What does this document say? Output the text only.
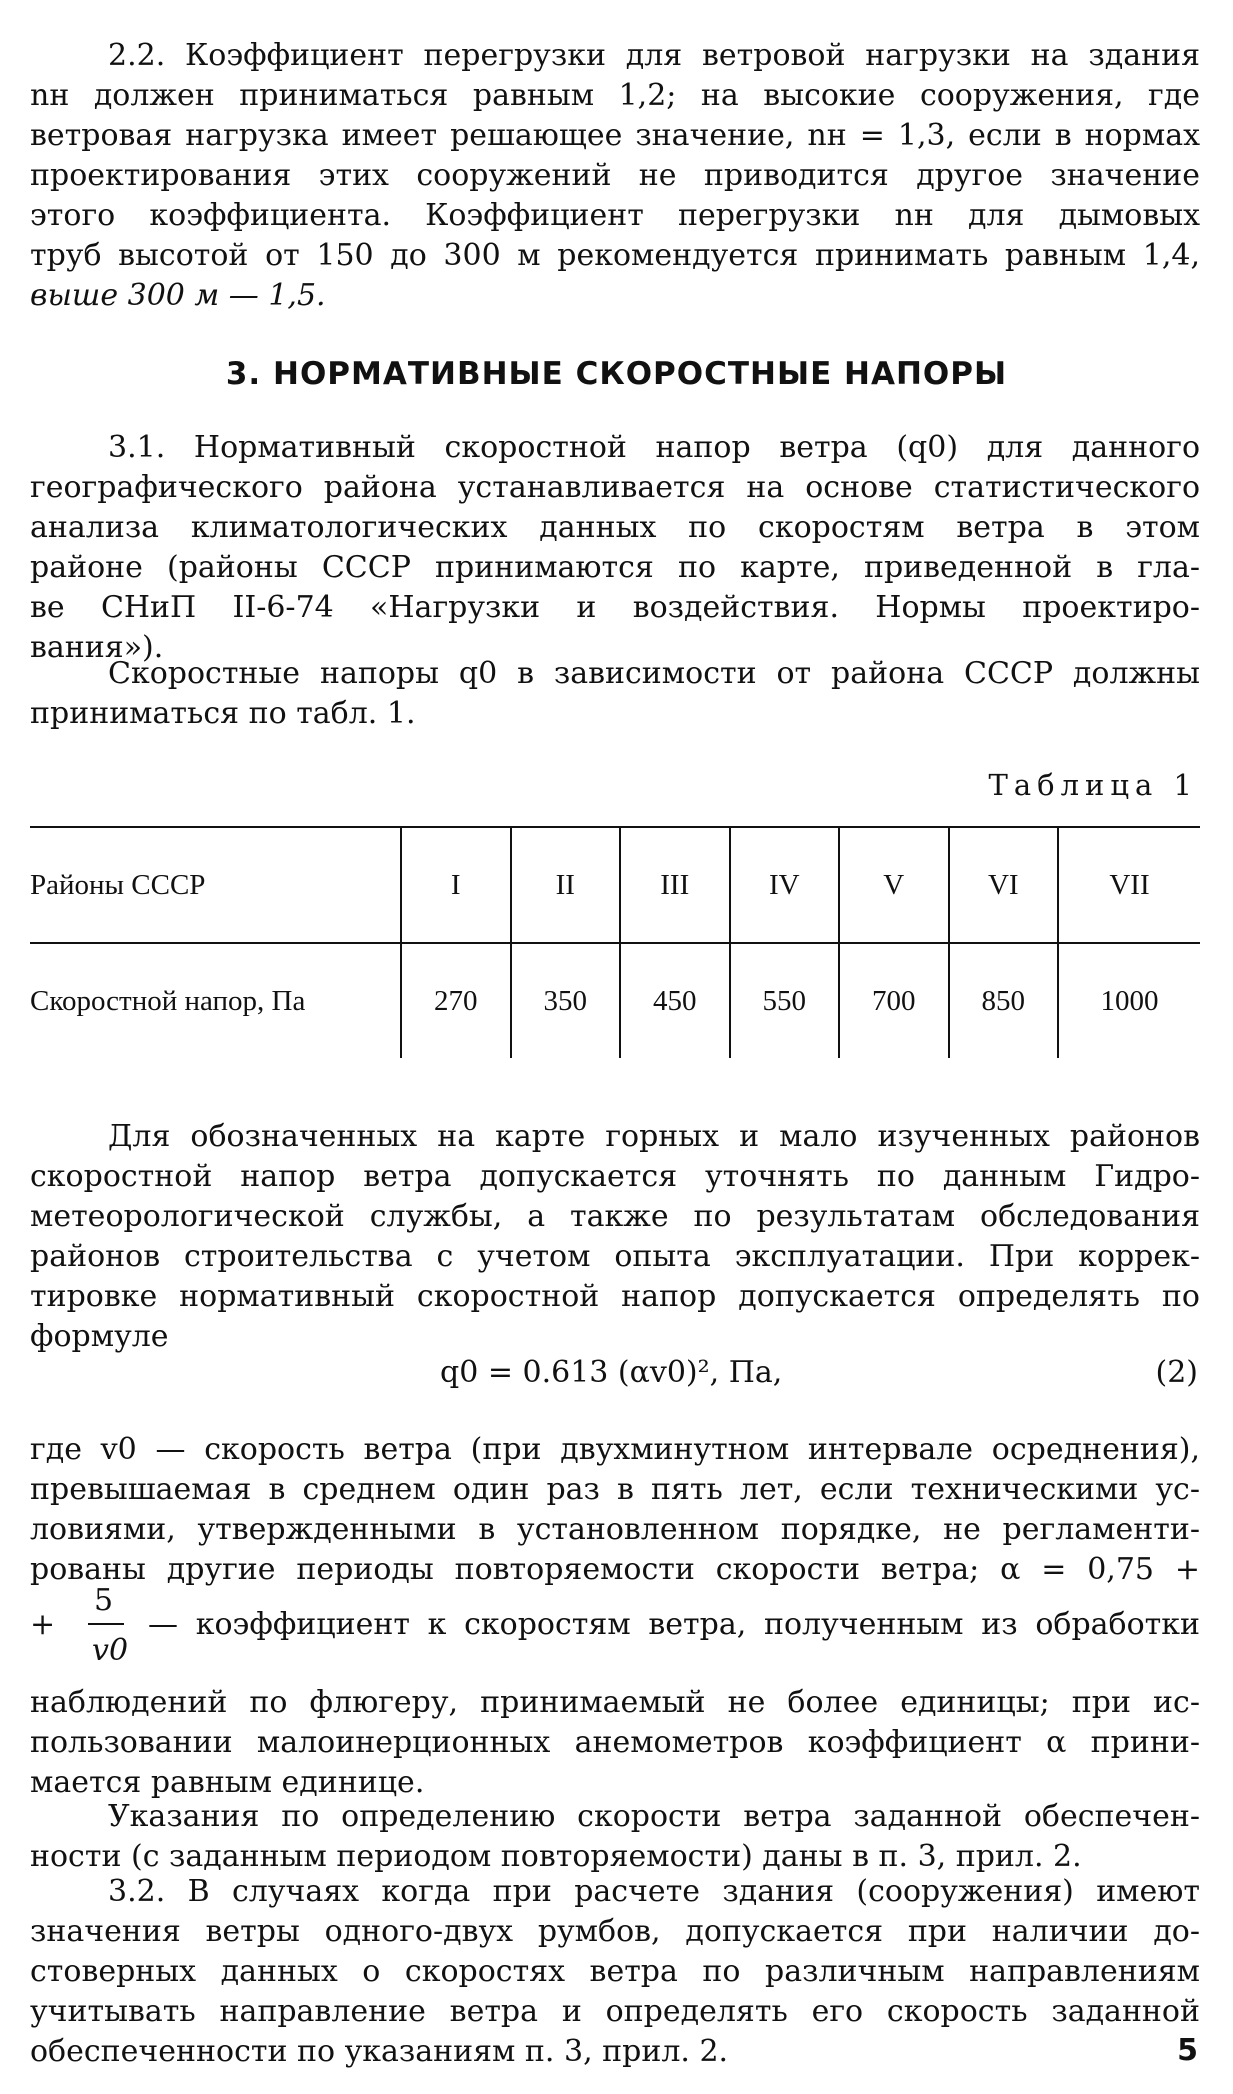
2.2. Коэффициент перегрузки для ветровой нагрузки на здания
nн должен приниматься равным 1,2; на высокие сооружения, где
ветровая нагрузка имеет решающее значение, nн = 1,3, если в нормах
проектирования этих сооружений не приводится другое значение
этого коэффициента. Коэффициент перегрузки nн для дымовых
труб высотой от 150 до 300 м рекомендуется принимать равным 1,4,
выше 300 м — 1,5.
3. НОРМАТИВНЫЕ СКОРОСТНЫЕ НАПОРЫ
3.1. Нормативный скоростной напор ветра (q0) для данного
географического района устанавливается на основе статистического
анализа климатологических данных по скоростям ветра в этом
районе (районы СССР принимаются по карте, приведенной в гла-
ве СНиП II-6-74 «Нагрузки и воздействия. Нормы проектиро-
вания»).
Скоростные напоры q0 в зависимости от района СССР должны
приниматься по табл. 1.

Таблица 1

Районы СССР	I	II	III	IV	V	VI	VII
Скоростной напор, Па	270	350	450	550	700	850	1000
Для обозначенных на карте горных и мало изученных районов
скоростной напор ветра допускается уточнять по данным Гидро-
метеорологической службы, а также по результатам обследования
районов строительства с учетом опыта эксплуатации. При коррек-
тировке нормативный скоростной напор допускается определять по
формуле
q0 = 0.613 (αv0)², Па,	(2)
где v0 — скорость ветра (при двухминутном интервале осреднения),
превышаемая в среднем один раз в пять лет, если техническими ус-
ловиями, утвержденными в установленном порядке, не регламенти-
рованы другие периоды повторяемости скорости ветра; α = 0,75 +
+
5
v0
— коэффициент к скоростям ветра, полученным из обработки
наблюдений по флюгеру, принимаемый не более единицы; при ис-
пользовании малоинерционных анемометров коэффициент α прини-
мается равным единице.
Указания по определению скорости ветра заданной обеспечен-
ности (с заданным периодом повторяемости) даны в п. 3, прил. 2.
3.2. В случаях когда при расчете здания (сооружения) имеют
значения ветры одного-двух румбов, допускается при наличии до-
стоверных данных о скоростях ветра по различным направлениям
учитывать направление ветра и определять его скорость заданной
обеспеченности по указаниям п. 3, прил. 2.	5
